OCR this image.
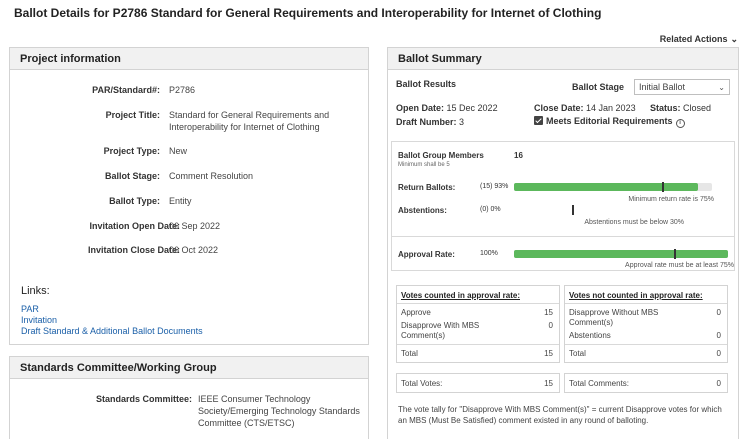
Ballot Details for P2786 Standard for General Requirements and Interoperability for Internet of Clothing
Related Actions ⌄
Project information
PAR/Standard#: P2786
Project Title: Standard for General Requirements and
Interoperability for Internet of Clothing
Project Type: New
Ballot Stage: Comment Resolution
Ballot Type: Entity
Invitation Open Date:
06 Sep 2022
Invitation Close Date:
06 Oct 2022
Links:
PAR
Invitation
Draft Standard & Additional Ballot Documents
Standards Committee/Working Group
Standards Committee: IEEE Consumer Technology
Society/Emerging Technology Standards
Committee (CTS/ETSC)
Ballot Summary
Ballot Results	Ballot Stage	Initial Ballot	⌄
Open Date: 15 Dec 2022	Close Date: 14 Jan 2023 Status: Closed
Draft Number: 3	Meets Editorial Requirements i
Ballot Group Members
Minimum shall be 5
16
Return Ballots:	(15) 93%
Minimum return rate is 75%
Abstentions:	(0) 0%
Abstentions must be below 30%
Approval Rate:	100%
Approval rate must be at least 75%
Votes counted in approval rate:
Approve	15
Disapprove With MBS Comment(s)
0
Total	15
Votes not counted in approval rate:
Disapprove Without MBS Comment(s)
0
Abstentions	0
Total	0
Total Votes:	15 Total Comments:	0
The vote tally for "Disapprove With MBS Comment(s)" = current Disapprove votes for which an MBS (Must Be Satisfied) comment existed in any round of balloting.
